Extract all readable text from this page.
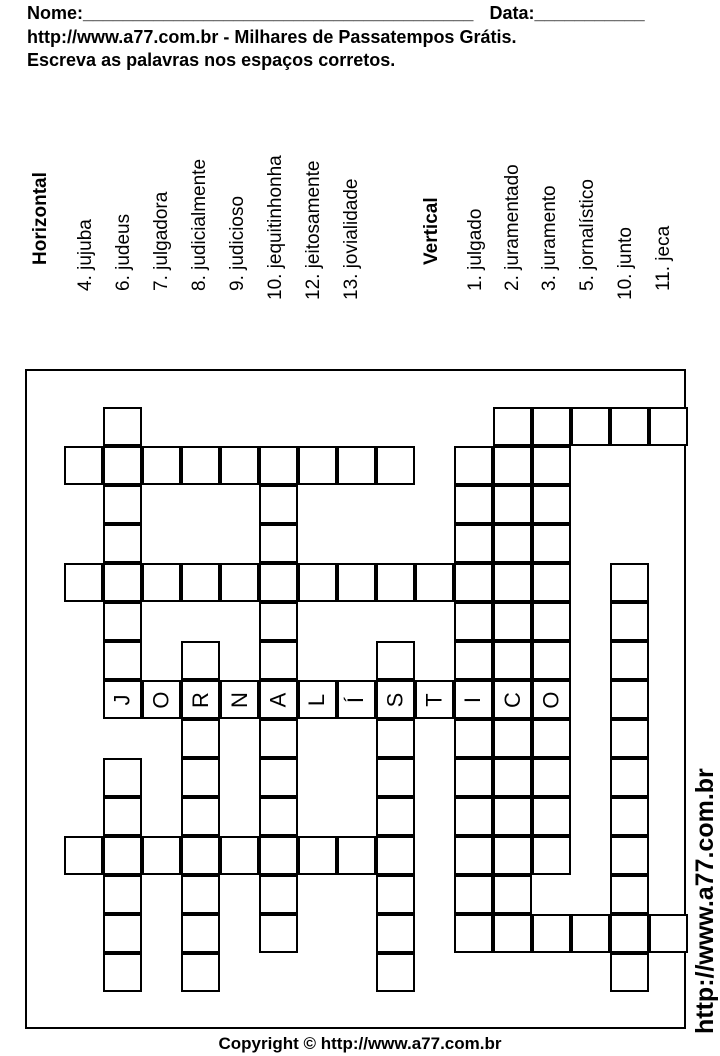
Nome:_______________________________________ Data:___________
http://www.a77.com.br - Milhares de Passatempos Grátis.
Escreva as palavras nos espaços corretos.
Horizontal 4. jujuba 6. judeus 7. julgadora 8. judicialmente 9. judicioso 10. jequitinhonha 12. jeitosamente 13. jovialidade	Vertical 1. julgado 2. juramentado 3. juramento 5. jornalístico 10. junto 11. jeca
J O R N A L Í S T I C O
http://www.a77.com.br
Copyright © http://www.a77.com.br
